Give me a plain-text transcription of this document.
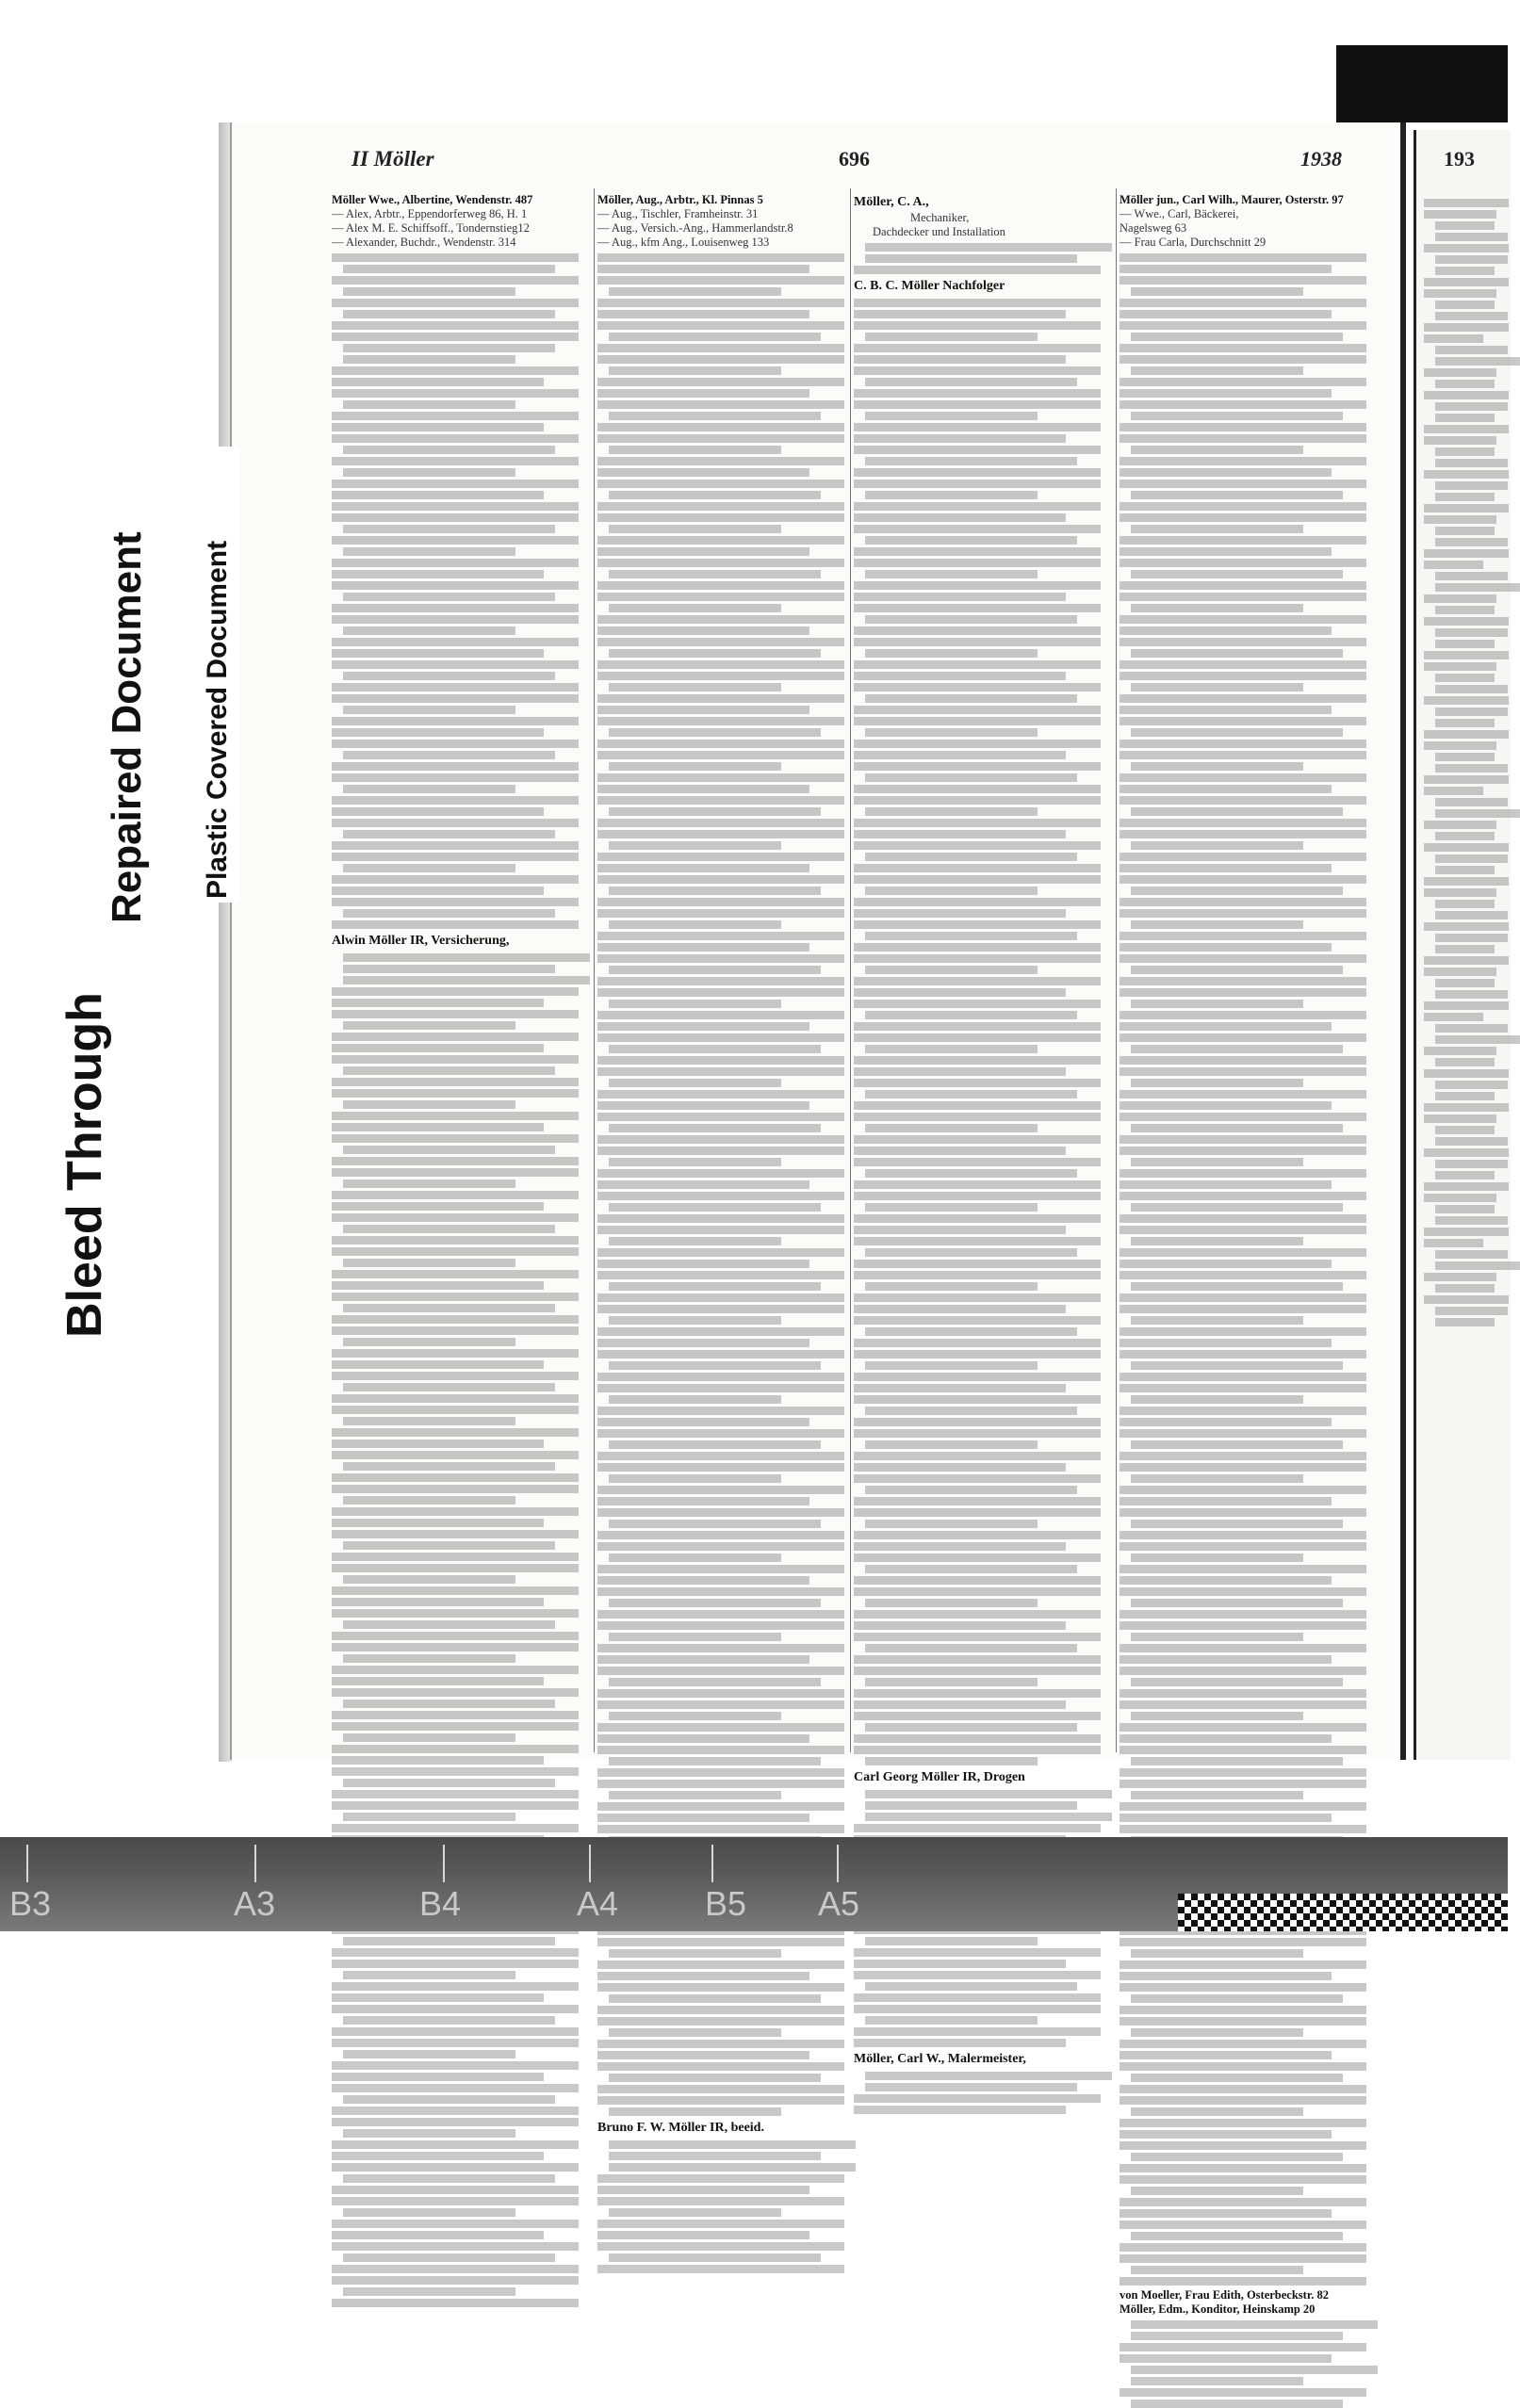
II Möller	696	1938	193
Möller Wwe., Albertine, Wendenstr. 487
— Alex, Arbtr., Eppendorferweg 86, H. 1
— Alex M. E. Schiffsoff., Tondernstieg12
— Alexander, Buchdr., Wendenstr. 314
Alwin Möller IR, Versicherung,
Möller, Aug., Arbtr., Kl. Pinnas 5
— Aug., Tischler, Framheinstr. 31
— Aug., Versich.-Ang., Hammerlandstr.8
— Aug., kfm Ang., Louisenweg 133
Bruno F. W. Möller IR, beeid.
Möller, C. A.,
Mechaniker,
Dachdecker und Installation
C. B. C. Möller Nachfolger
Carl Georg Möller IR, Drogen
Möller, Carl W., Malermeister,
Möller jun., Carl Wilh., Maurer, Osterstr. 97
— Wwe., Carl, Bäckerei,
Nagelsweg 63
— Frau Carla, Durchschnitt 29
von Moeller, Frau Edith, Osterbeckstr. 82
Möller, Edm., Konditor, Heinskamp 20
Bleed Through
Repaired Document Plastic Covered Document
B3	A3	B4	A4	B5 A5
